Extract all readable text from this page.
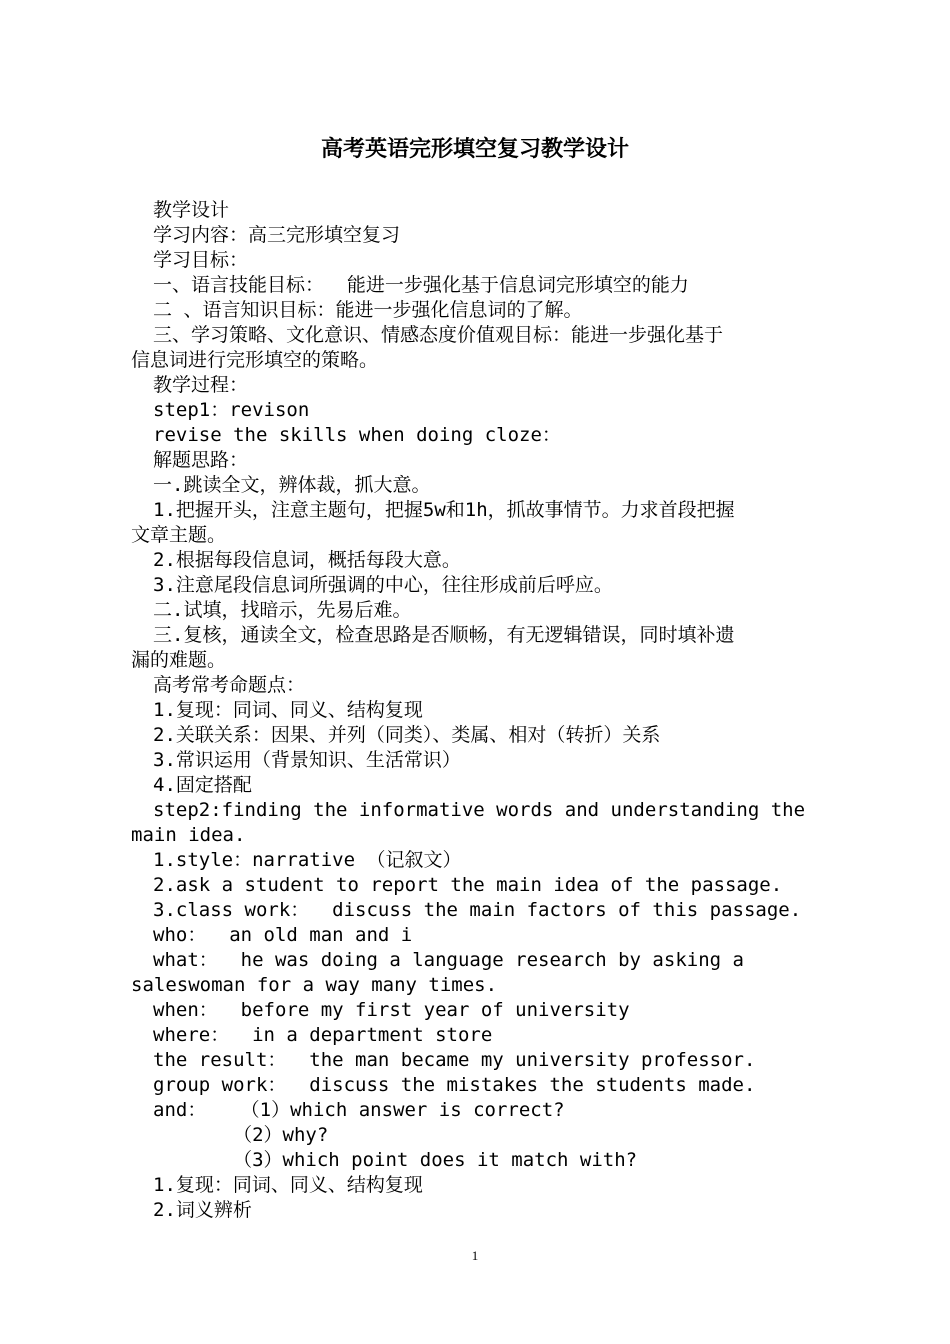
高考英语完形填空复习教学设计

教学设计

学习内容：高三完形填空复习

学习目标：

一、语言技能目标：  能进一步强化基于信息词完形填空的能力

二 、语言知识目标：能进一步强化信息词的了解。

三、学习策略、文化意识、情感态度价值观目标：能进一步强化基于

信息词进行完形填空的策略。

教学过程：

step1：revison

revise the skills when doing cloze：

解题思路：

一.跳读全文，辨体裁，抓大意。

1.把握开头，注意主题句，把握5w和1h，抓故事情节。力求首段把握

文章主题。

2.根据每段信息词，概括每段大意。

3.注意尾段信息词所强调的中心，往往形成前后呼应。

二.试填，找暗示，先易后难。

三.复核，通读全文，检查思路是否顺畅，有无逻辑错误，同时填补遗

漏的难题。

高考常考命题点：

1.复现：同词、同义、结构复现

2.关联关系：因果、并列（同类）、类属、相对（转折）关系

3.常识运用（背景知识、生活常识）

4.固定搭配

step2:finding the informative words and understanding the

main idea.

1.style：narrative （记叙文）

2.ask a student to report the main idea of the passage.

3.class work：  discuss the main factors of this passage.

who：  an old man and i

what：  he was doing a language research by asking a

saleswoman for a way many times.

when：  before my first year of university

where：  in a department store

the result：  the man became my university professor.

group work：  discuss the mistakes the students made.

and：   （1）which answer is correct?

（2）why?

（3）which point does it match with?

1.复现：同词、同义、结构复现

2.词义辨析

1
